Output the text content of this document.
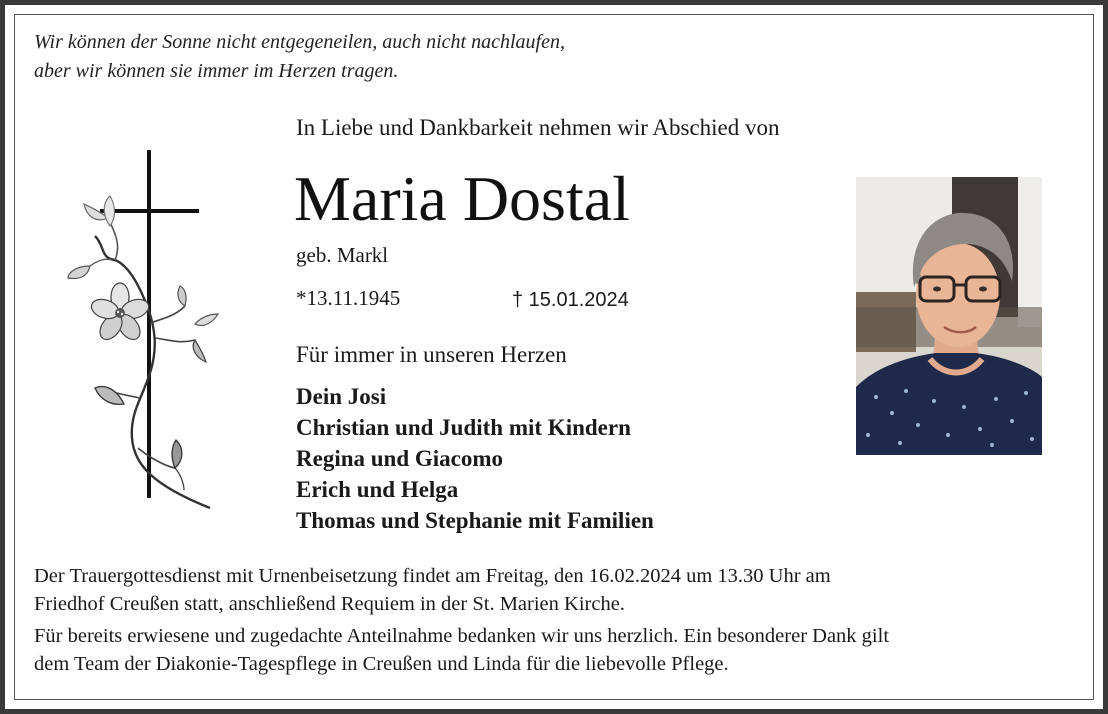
Wir können der Sonne nicht entgegeneilen, auch nicht nachlaufen,
aber wir können sie immer im Herzen tragen.
In Liebe und Dankbarkeit nehmen wir Abschied von
Maria Dostal
geb. Markl
*13.11.1945	† 15.01.2024
Für immer in unseren Herzen
Dein Josi
Christian und Judith mit Kindern
Regina und Giacomo
Erich und Helga
Thomas und Stephanie mit Familien
Der Trauergottesdienst mit Urnenbeisetzung findet am Freitag, den 16.02.2024 um 13.30 Uhr am
Friedhof Creußen statt, anschließend Requiem in der St. Marien Kirche.
Für bereits erwiesene und zugedachte Anteilnahme bedanken wir uns herzlich. Ein besonderer Dank gilt
dem Team der Diakonie-Tagespflege in Creußen und Linda für die liebevolle Pflege.
